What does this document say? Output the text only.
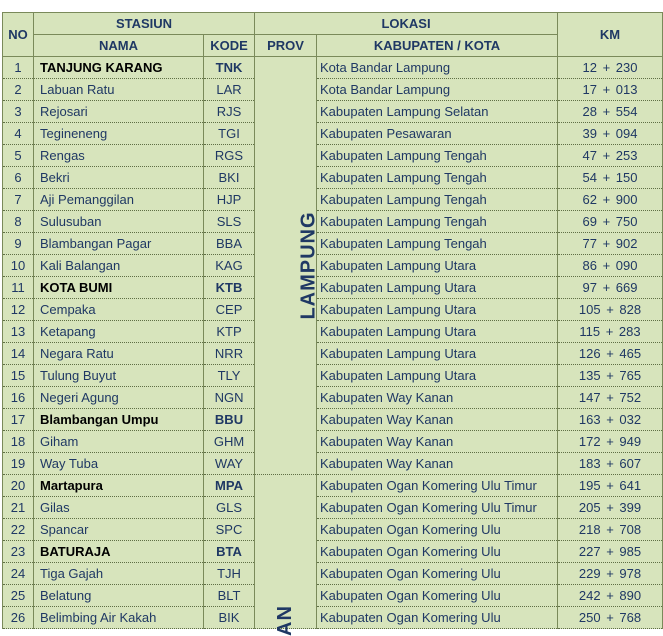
NO	STASIUN		LOKASI		KM
	NAMA	KODE	PROV	KABUPATEN / KOTA	
1	TANJUNG KARANG	TNK	LAMPUNG	Kota Bandar Lampung	12 + 230
2	Labuan Ratu	LAR		Kota Bandar Lampung	17 + 013
3	Rejosari	RJS		Kabupaten Lampung Selatan	28 + 554
4	Tegineneng	TGI		Kabupaten Pesawaran	39 + 094
5	Rengas	RGS		Kabupaten Lampung Tengah	47 + 253
6	Bekri	BKI		Kabupaten Lampung Tengah	54 + 150
7	Aji Pemanggilan	HJP		Kabupaten Lampung Tengah	62 + 900
8	Sulusuban	SLS		Kabupaten Lampung Tengah	69 + 750
9	Blambangan Pagar	BBA		Kabupaten Lampung Tengah	77 + 902
10	Kali Balangan	KAG		Kabupaten Lampung Utara	86 + 090
11	KOTA BUMI	KTB		Kabupaten Lampung Utara	97 + 669
12	Cempaka	CEP		Kabupaten Lampung Utara	105 + 828
13	Ketapang	KTP		Kabupaten Lampung Utara	115 + 283
14	Negara Ratu	NRR		Kabupaten Lampung Utara	126 + 465
15	Tulung Buyut	TLY		Kabupaten Lampung Utara	135 + 765
16	Negeri Agung	NGN		Kabupaten Way Kanan	147 + 752
17	Blambangan Umpu	BBU		Kabupaten Way Kanan	163 + 032
18	Giham	GHM		Kabupaten Way Kanan	172 + 949
19	Way Tuba	WAY		Kabupaten Way Kanan	183 + 607
20	Martapura	MPA	AN	Kabupaten Ogan Komering Ulu Timur	195 + 641
21	Gilas	GLS		Kabupaten Ogan Komering Ulu Timur	205 + 399
22	Spancar	SPC		Kabupaten Ogan Komering Ulu	218 + 708
23	BATURAJA	BTA		Kabupaten Ogan Komering Ulu	227 + 985
24	Tiga Gajah	TJH		Kabupaten Ogan Komering Ulu	229 + 978
25	Belatung	BLT		Kabupaten Ogan Komering Ulu	242 + 890
26	Belimbing Air Kakah	BIK		Kabupaten Ogan Komering Ulu	250 + 768
